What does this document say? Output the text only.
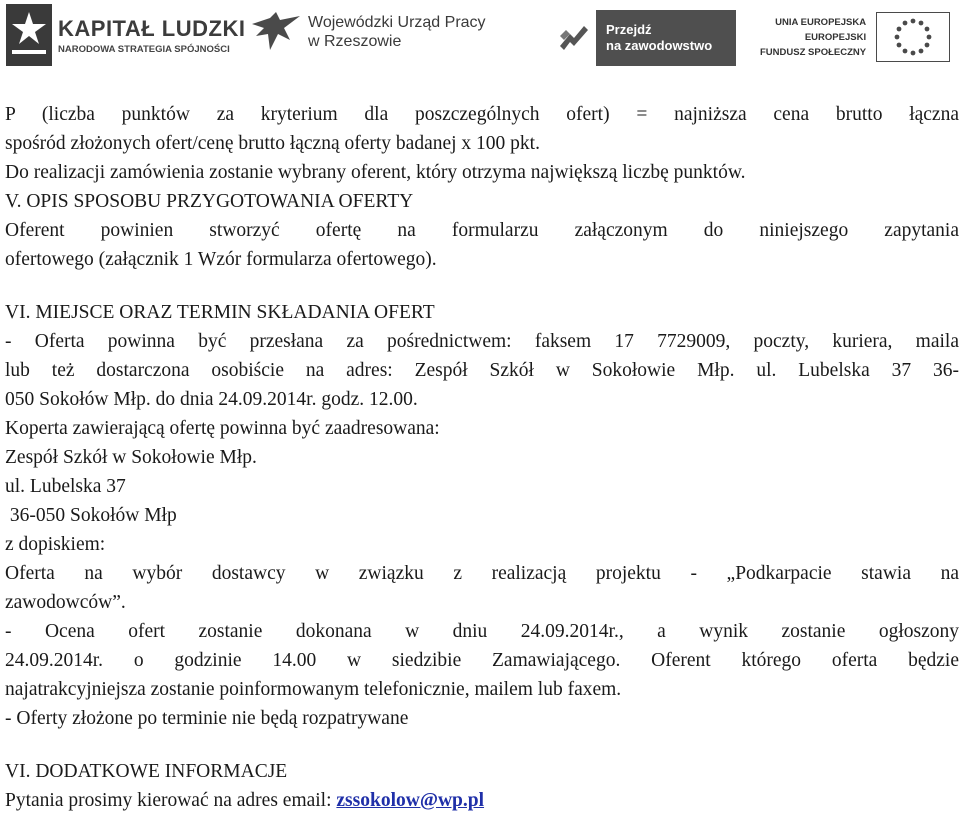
KAPITAŁ LUDZKI
NARODOWA STRATEGIA SPÓJNOŚCI
Wojewódzki Urząd Pracy
w Rzeszowie
Przejdź
na zawodowstwo
UNIA EUROPEJSKA
EUROPEJSKI
FUNDUSZ SPOŁECZNY

P (liczba punktów za kryterium dla poszczególnych ofert) = najniższa cena brutto łączna

spośród złożonych ofert/cenę brutto łączną oferty badanej x 100 pkt.

Do realizacji zamówienia zostanie wybrany oferent, który otrzyma największą liczbę punktów.

V. OPIS SPOSOBU PRZYGOTOWANIA OFERTY

Oferent powinien stworzyć ofertę na formularzu załączonym do niniejszego zapytania

ofertowego (załącznik 1 Wzór formularza ofertowego).

VI. MIEJSCE ORAZ TERMIN SKŁADANIA OFERT

- Oferta powinna być przesłana za pośrednictwem: faksem 17 7729009, poczty, kuriera, maila

lub też dostarczona osobiście na adres: Zespół Szkół w Sokołowie Młp. ul. Lubelska 37 36-

050 Sokołów Młp. do dnia 24.09.2014r. godz. 12.00.

Koperta zawierającą ofertę powinna być zaadresowana:

Zespół Szkół w Sokołowie Młp.

ul. Lubelska 37

36-050 Sokołów Młp

z dopiskiem:

Oferta na wybór dostawcy w związku z realizacją projektu - „Podkarpacie stawia na

zawodowców”.

- Ocena ofert zostanie dokonana w dniu 24.09.2014r., a wynik zostanie ogłoszony

24.09.2014r. o godzinie 14.00 w siedzibie Zamawiającego. Oferent którego oferta będzie

najatrakcyjniejsza zostanie poinformowanym telefonicznie, mailem lub faxem.

- Oferty złożone po terminie nie będą rozpatrywane

VI. DODATKOWE INFORMACJE

Pytania prosimy kierować na adres email: zssokolow@wp.pl
